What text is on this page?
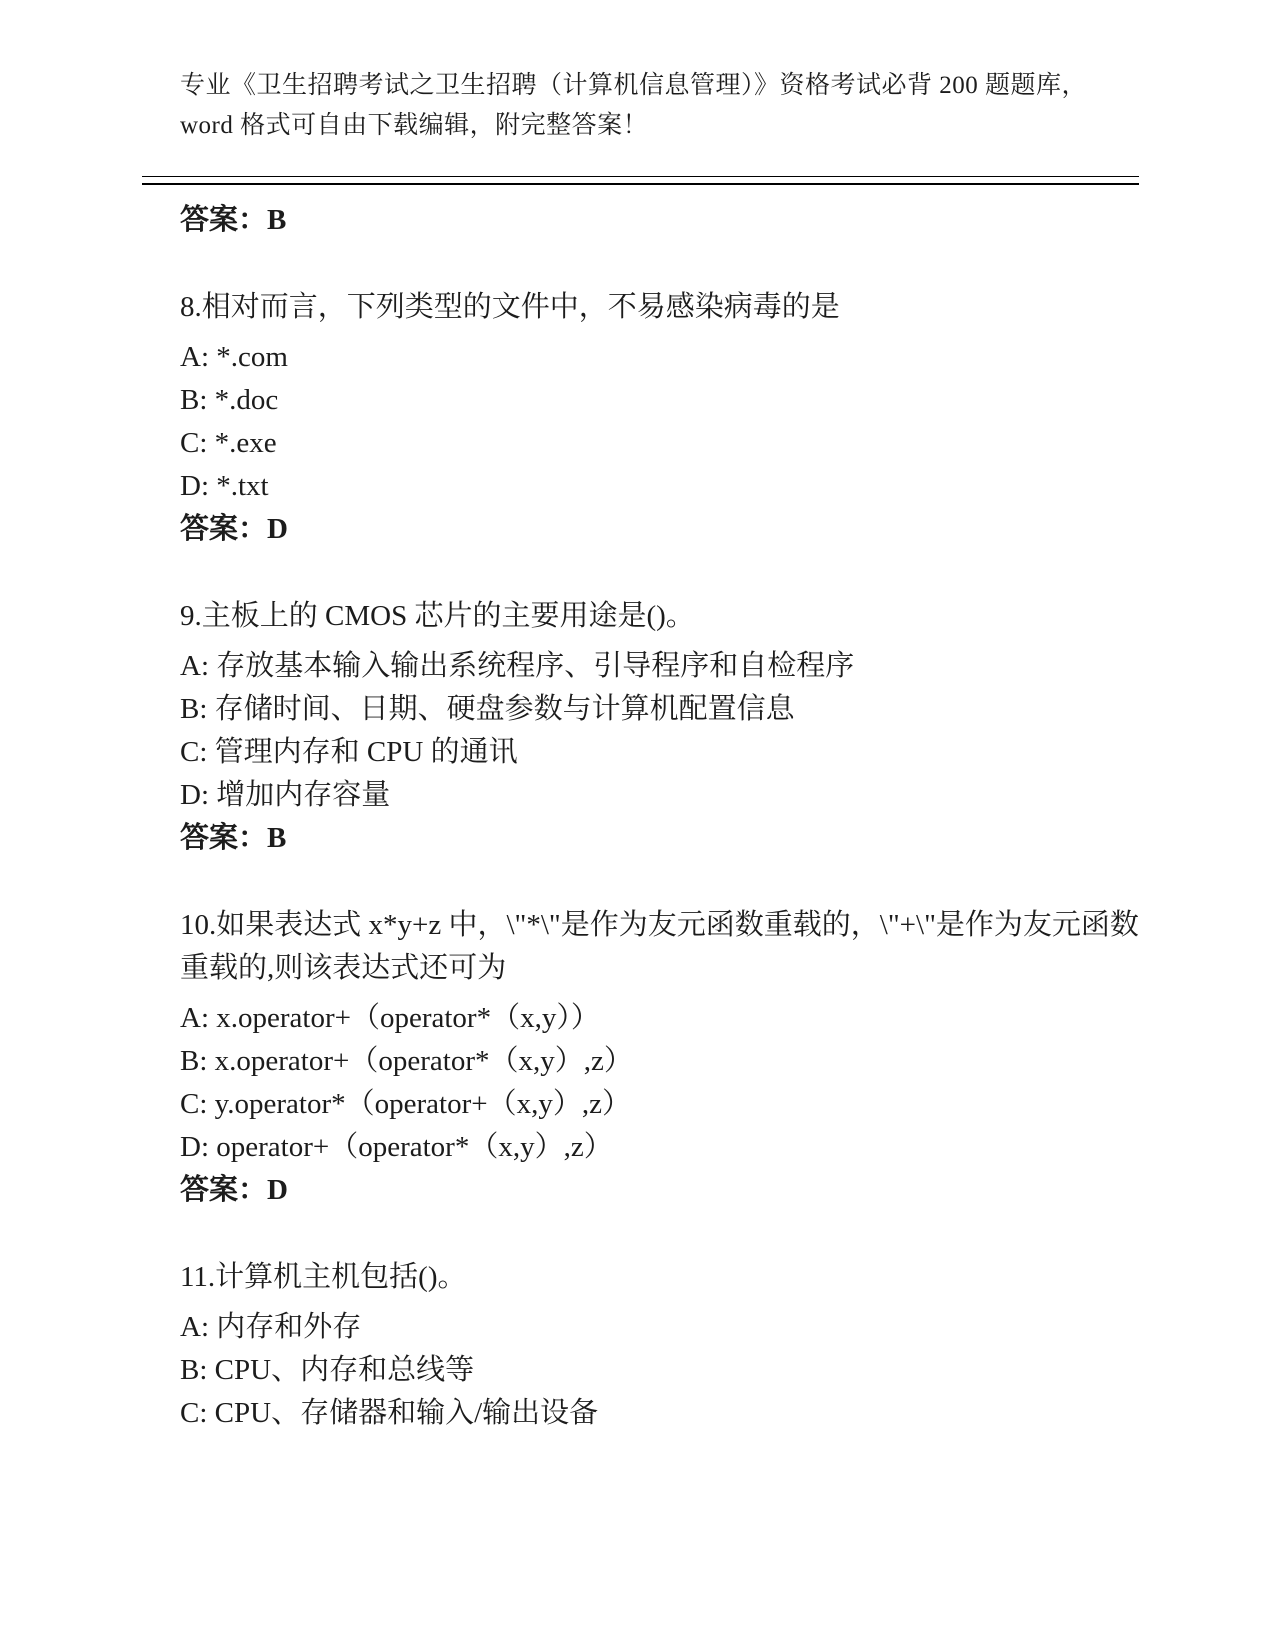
专业《卫生招聘考试之卫生招聘（计算机信息管理）》资格考试必背 200 题题库，word 格式可自由下载编辑，附完整答案！

答案：B

8.相对而言，下列类型的文件中，不易感染病毒的是

A: *.com

B: *.doc

C: *.exe

D: *.txt

答案：D

9.主板上的 CMOS 芯片的主要用途是()。

A: 存放基本输入输出系统程序、引导程序和自检程序

B: 存储时间、日期、硬盘参数与计算机配置信息

C: 管理内存和 CPU 的通讯

D: 增加内存容量

答案：B

10.如果表达式 x*y+z 中，\"*\"是作为友元函数重载的，\"+\"是作为友元函数重载的,则该表达式还可为

A: x.operator+（operator*（x,y））

B: x.operator+（operator*（x,y）,z）

C: y.operator*（operator+（x,y）,z）

D: operator+（operator*（x,y）,z）

答案：D

11.计算机主机包括()。

A: 内存和外存

B: CPU、内存和总线等

C: CPU、存储器和输入/输出设备
